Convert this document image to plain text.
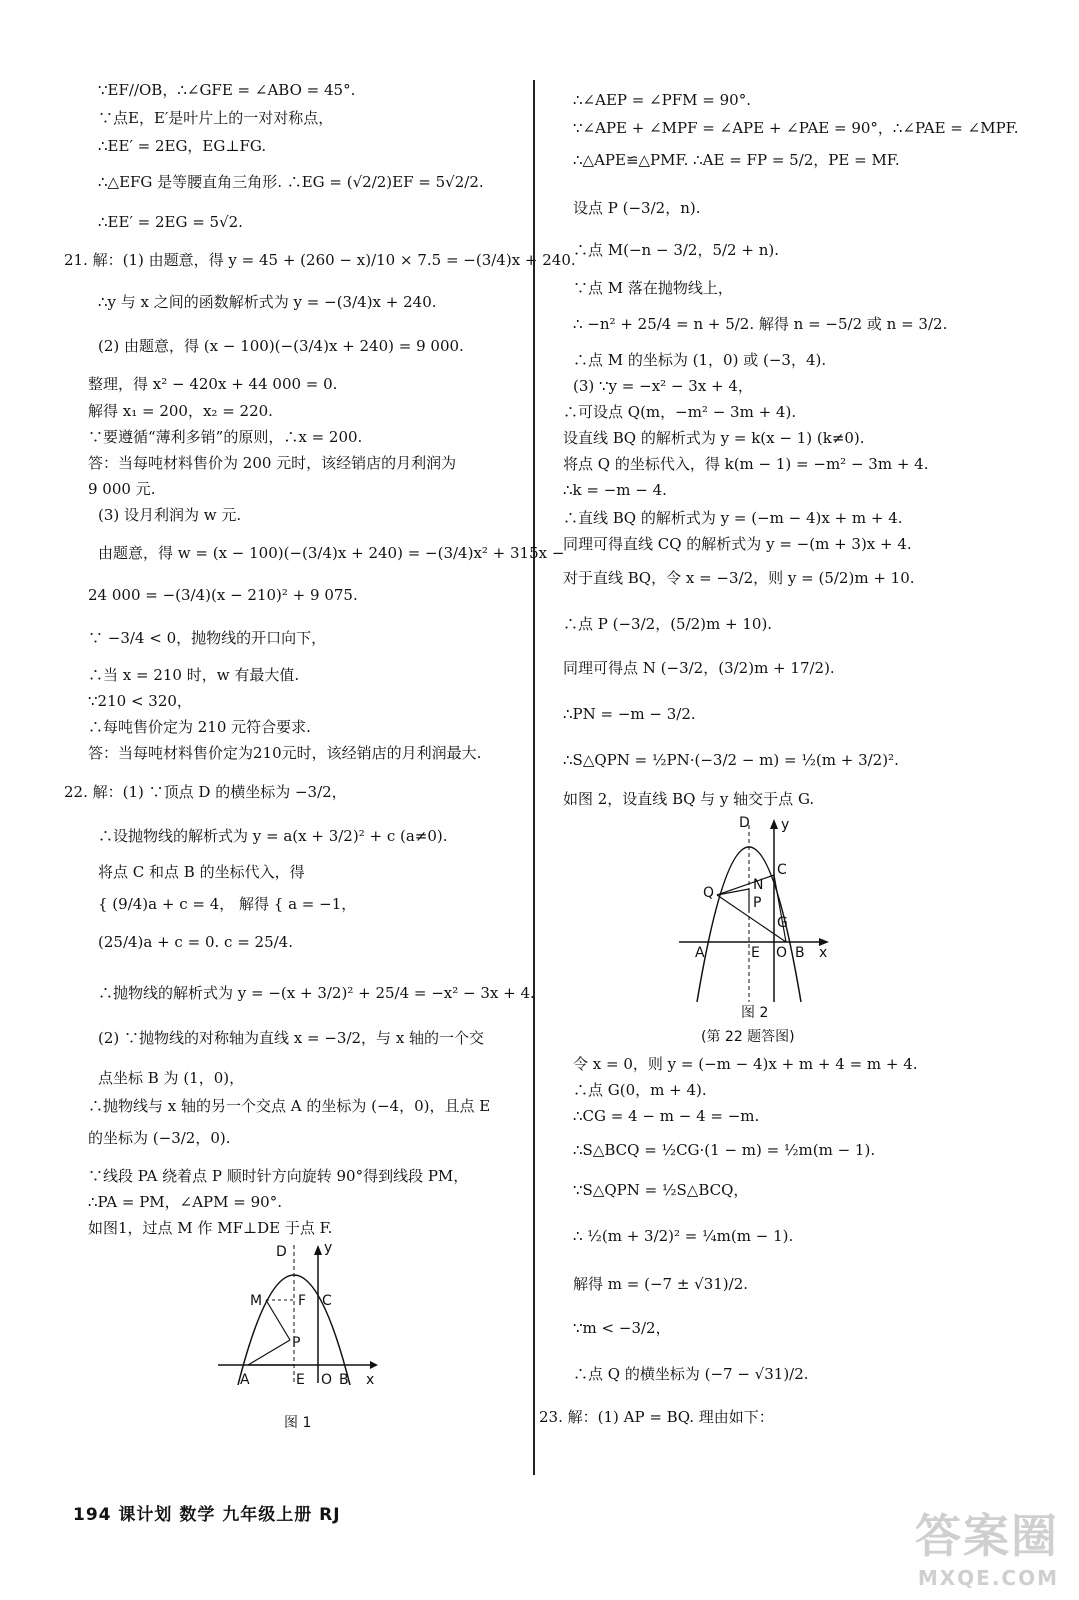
∵EF//OB，∴∠GFE = ∠ABO = 45°.
∵点E，E′是叶片上的一对对称点，
∴EE′ = 2EG，EG⊥FG.
∴△EFG 是等腰直角三角形. ∴EG = (√2/2)EF = 5√2/2.
∴EE′ = 2EG = 5√2.
21. 解：(1) 由题意，得 y = 45 + (260 − x)/10 × 7.5 = −(3/4)x + 240.
∴y 与 x 之间的函数解析式为 y = −(3/4)x + 240.
(2) 由题意，得 (x − 100)(−(3/4)x + 240) = 9 000.
整理，得 x² − 420x + 44 000 = 0.
解得 x₁ = 200，x₂ = 220.
∵要遵循“薄利多销”的原则，∴x = 200.
答：当每吨材料售价为 200 元时，该经销店的月利润为
9 000 元.
(3) 设月利润为 w 元.
由题意，得 w = (x − 100)(−(3/4)x + 240) = −(3/4)x² + 315x −
24 000 = −(3/4)(x − 210)² + 9 075.
∵ −3/4 < 0，抛物线的开口向下，
∴当 x = 210 时，w 有最大值.
∵210 < 320，
∴每吨售价定为 210 元符合要求.
答：当每吨材料售价定为210元时，该经销店的月利润最大.
22. 解：(1) ∵顶点 D 的横坐标为 −3/2，
∴设抛物线的解析式为 y = a(x + 3/2)² + c (a≠0).
将点 C 和点 B 的坐标代入，得
{ (9/4)a + c = 4， 解得 { a = −1，
(25/4)a + c = 0. c = 25/4.
∴抛物线的解析式为 y = −(x + 3/2)² + 25/4 = −x² − 3x + 4.
(2) ∵抛物线的对称轴为直线 x = −3/2，与 x 轴的一个交
点坐标 B 为 (1，0)，
∴抛物线与 x 轴的另一个交点 A 的坐标为 (−4，0)，且点 E
的坐标为 (−3/2，0).
∵线段 PA 绕着点 P 顺时针方向旋转 90°得到线段 PM，
∴PA = PM，∠APM = 90°.
如图1，过点 M 作 MF⊥DE 于点 F.
D
M	F C
P
A	E O B x
y
图 1
∴∠AEP = ∠PFM = 90°.
∵∠APE + ∠MPF = ∠APE + ∠PAE = 90°，∴∠PAE = ∠MPF.
∴△APE≌△PMF. ∴AE = FP = 5/2，PE = MF.
设点 P (−3/2，n).
∴点 M(−n − 3/2，5/2 + n).
∵点 M 落在抛物线上，
∴ −n² + 25/4 = n + 5/2. 解得 n = −5/2 或 n = 3/2.
∴点 M 的坐标为 (1，0) 或 (−3，4).
(3) ∵y = −x² − 3x + 4，
∴可设点 Q(m，−m² − 3m + 4).
设直线 BQ 的解析式为 y = k(x − 1) (k≠0).
将点 Q 的坐标代入，得 k(m − 1) = −m² − 3m + 4.
∴k = −m − 4.
∴直线 BQ 的解析式为 y = (−m − 4)x + m + 4.
同理可得直线 CQ 的解析式为 y = −(m + 3)x + 4.
对于直线 BQ，令 x = −3/2，则 y = (5/2)m + 10.
∴点 P (−3/2，(5/2)m + 10).
同理可得点 N (−3/2，(3/2)m + 17/2).
∴PN = −m − 3/2.
∴S△QPN = ½PN·(−3/2 − m) = ½(m + 3/2)².
如图 2，设直线 BQ 与 y 轴交于点 G.
D
C
Q	N
P
G
A	E O B x
y
图 2
(第 22 题答图)
令 x = 0，则 y = (−m − 4)x + m + 4 = m + 4.
∴点 G(0，m + 4).
∴CG = 4 − m − 4 = −m.
∴S△BCQ = ½CG·(1 − m) = ½m(m − 1).
∵S△QPN = ½S△BCQ，
∴ ½(m + 3/2)² = ¼m(m − 1).
解得 m = (−7 ± √31)/2.
∵m < −3/2，
∴点 Q 的横坐标为 (−7 − √31)/2.
23. 解：(1) AP = BQ. 理由如下：
194 课计划 数学 九年级上册 RJ	答案圈
MXQE.COM
